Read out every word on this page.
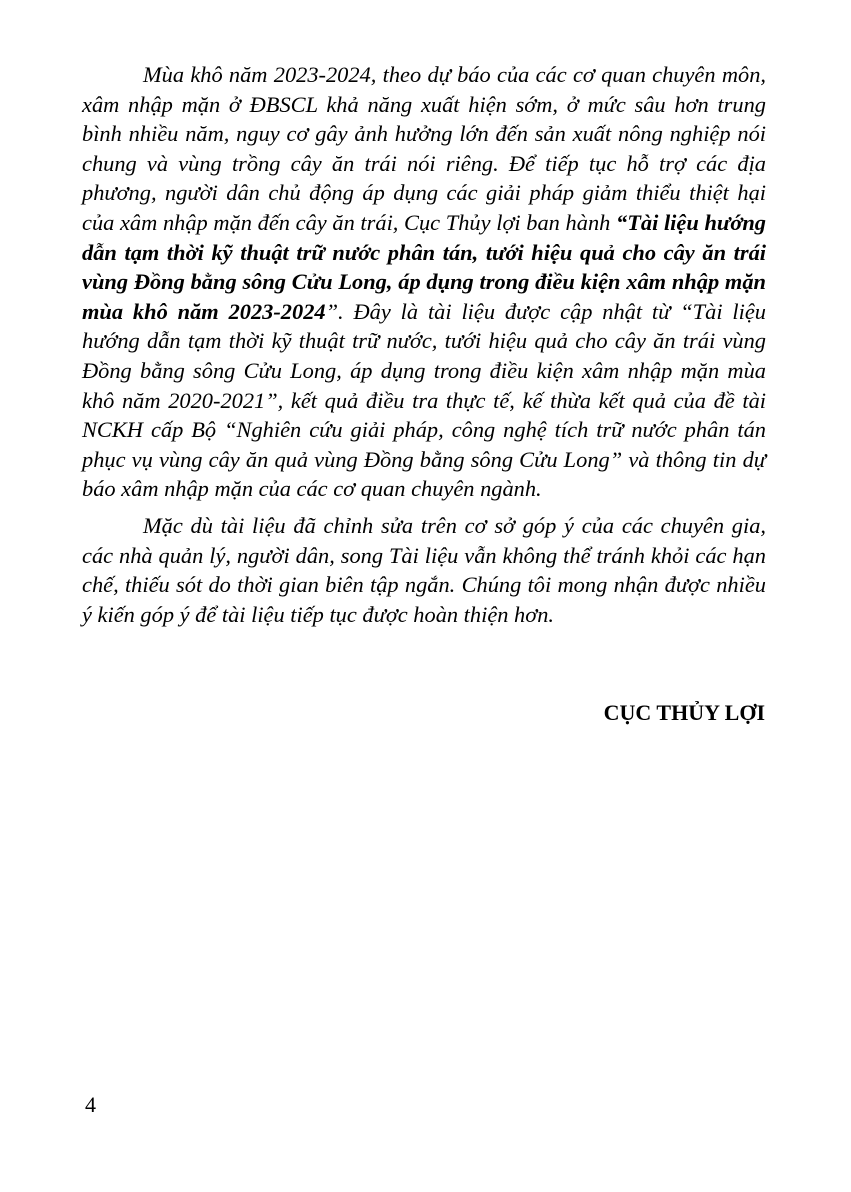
Mùa khô năm 2023-2024, theo dự báo của các cơ quan chuyên môn, xâm nhập mặn ở ĐBSCL khả năng xuất hiện sớm, ở mức sâu hơn trung bình nhiều năm, nguy cơ gây ảnh hưởng lớn đến sản xuất nông nghiệp nói chung và vùng trồng cây ăn trái nói riêng. Để tiếp tục hỗ trợ các địa phương, người dân chủ động áp dụng các giải pháp giảm thiểu thiệt hại của xâm nhập mặn đến cây ăn trái, Cục Thủy lợi ban hành “Tài liệu hướng dẫn tạm thời kỹ thuật trữ nước phân tán, tưới hiệu quả cho cây ăn trái vùng Đồng bằng sông Cửu Long, áp dụng trong điều kiện xâm nhập mặn mùa khô năm 2023-2024”. Đây là tài liệu được cập nhật từ “Tài liệu hướng dẫn tạm thời kỹ thuật trữ nước, tưới hiệu quả cho cây ăn trái vùng Đồng bằng sông Cửu Long, áp dụng trong điều kiện xâm nhập mặn mùa khô năm 2020-2021”, kết quả điều tra thực tế, kế thừa kết quả của đề tài NCKH cấp Bộ “Nghiên cứu giải pháp, công nghệ tích trữ nước phân tán phục vụ vùng cây ăn quả vùng Đồng bằng sông Cửu Long” và thông tin dự báo xâm nhập mặn của các cơ quan chuyên ngành.

Mặc dù tài liệu đã chỉnh sửa trên cơ sở góp ý của các chuyên gia, các nhà quản lý, người dân, song Tài liệu vẫn không thể tránh khỏi các hạn chế, thiếu sót do thời gian biên tập ngắn. Chúng tôi mong nhận được nhiều ý kiến góp ý để tài liệu tiếp tục được hoàn thiện hơn.

CỤC THỦY LỢI
4
